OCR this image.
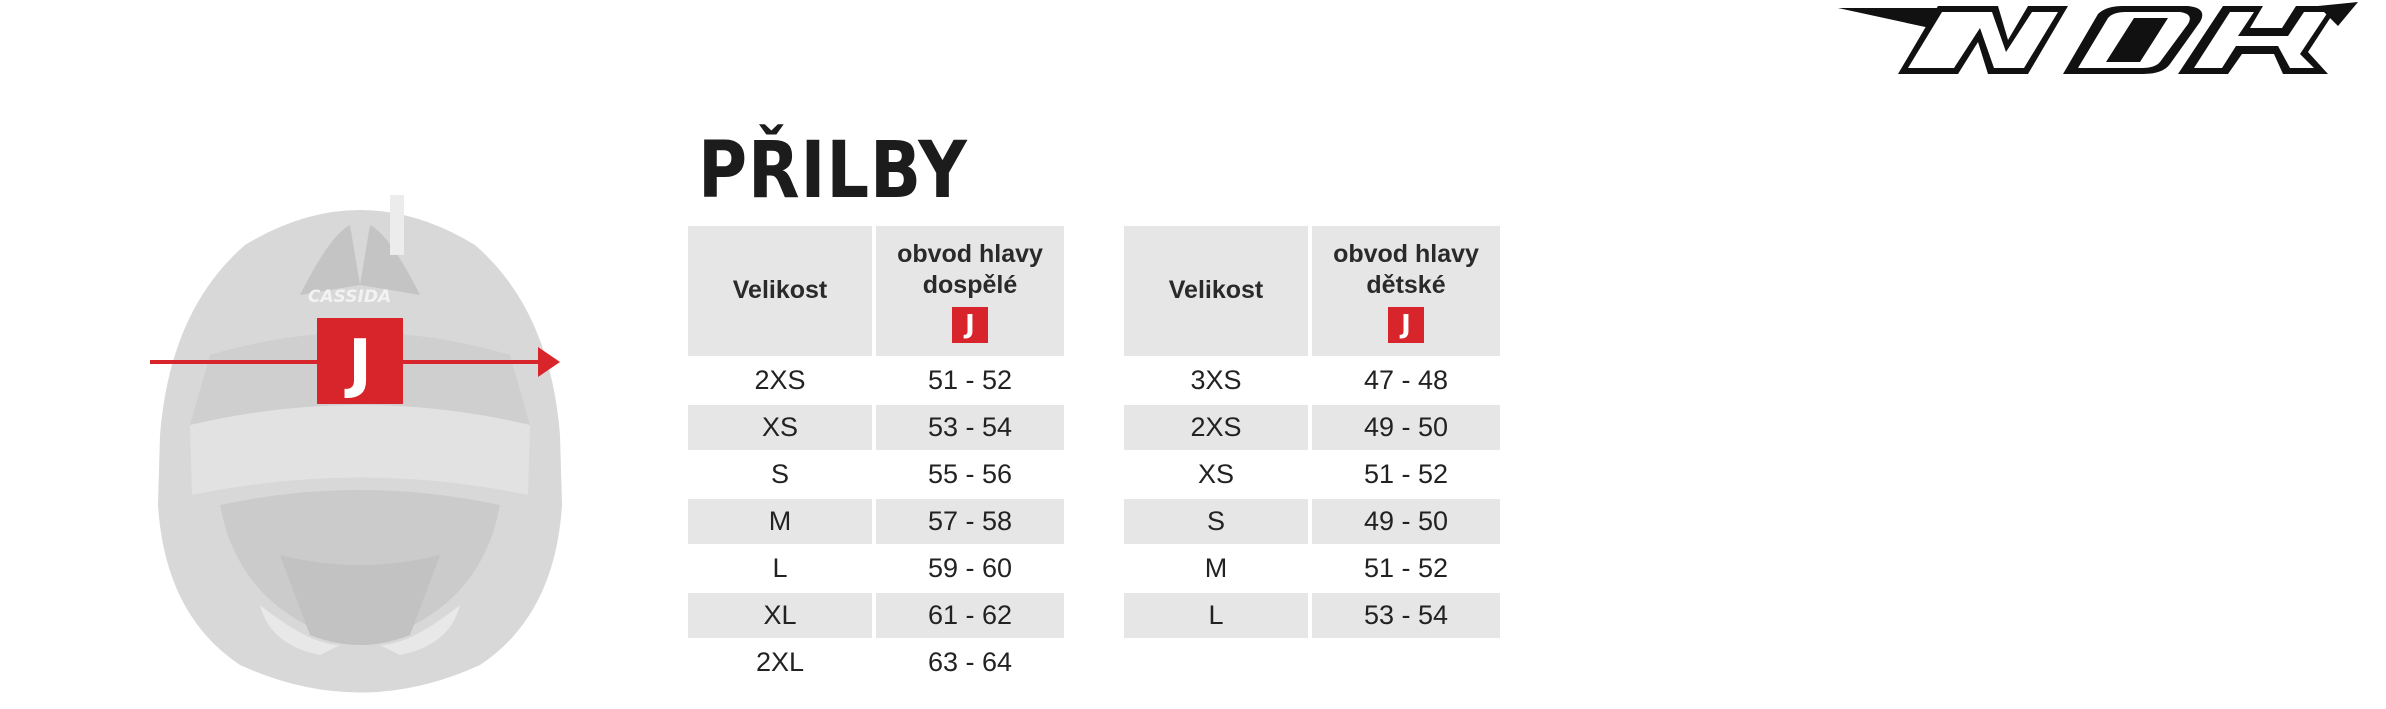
CASSIDA
J
PŘILBY
Velikost	obvod hlavy
dospělé
J
2XS	51 - 52
XS	53 - 54
S	55 - 56
M	57 - 58
L	59 - 60
XL	61 - 62
2XL	63 - 64
Velikost	obvod hlavy
dětské
J
3XS	47 - 48
2XS	49 - 50
XS	51 - 52
S	49 - 50
M	51 - 52
L	53 - 54
